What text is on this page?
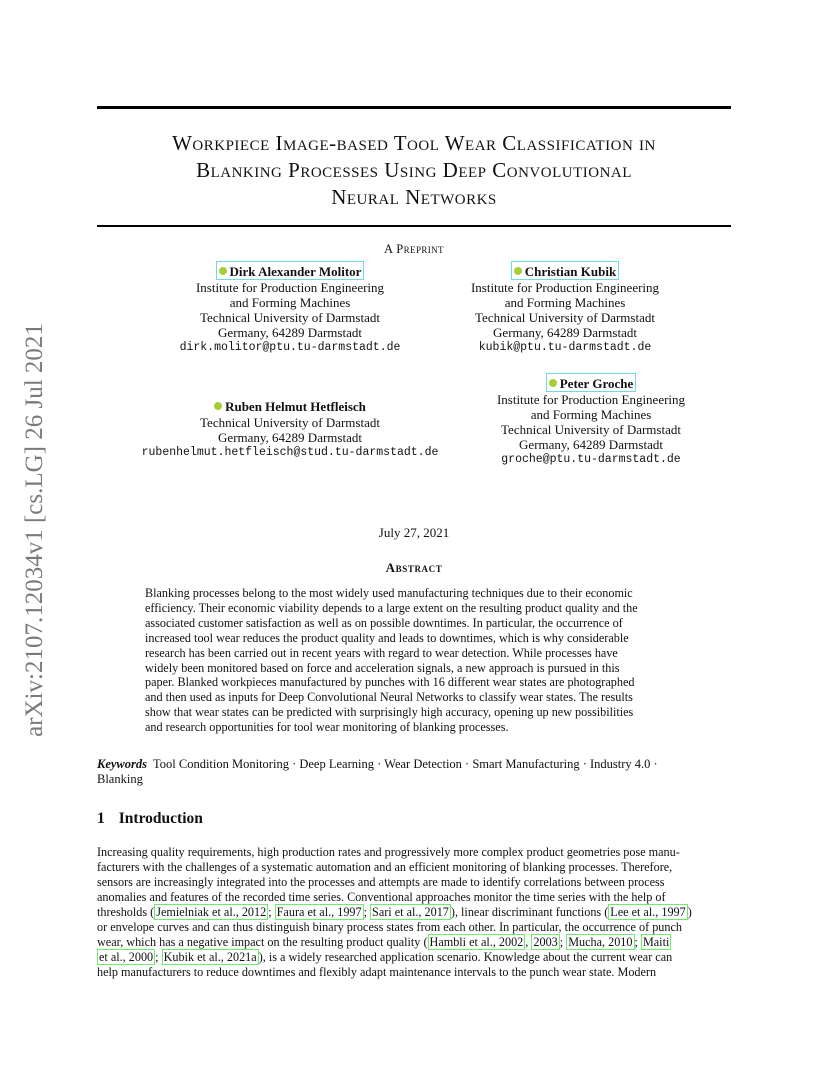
arXiv:2107.12034v1 [cs.LG] 26 Jul 2021
Workpiece Image-based Tool Wear Classification in
Blanking Processes Using Deep Convolutional
Neural Networks
A Preprint
Dirk Alexander Molitor
Institute for Production Engineering
and Forming Machines
Technical University of Darmstadt
Germany, 64289 Darmstadt
dirk.molitor@ptu.tu-darmstadt.de
Christian Kubik
Institute for Production Engineering
and Forming Machines
Technical University of Darmstadt
Germany, 64289 Darmstadt
kubik@ptu.tu-darmstadt.de
Ruben Helmut Hetfleisch
Technical University of Darmstadt
Germany, 64289 Darmstadt
rubenhelmut.hetfleisch@stud.tu-darmstadt.de
Peter Groche
Institute for Production Engineering
and Forming Machines
Technical University of Darmstadt
Germany, 64289 Darmstadt
groche@ptu.tu-darmstadt.de
July 27, 2021
Abstract
Blanking processes belong to the most widely used manufacturing techniques due to their economic
efficiency. Their economic viability depends to a large extent on the resulting product quality and the
associated customer satisfaction as well as on possible downtimes. In particular, the occurrence of
increased tool wear reduces the product quality and leads to downtimes, which is why considerable
research has been carried out in recent years with regard to wear detection. While processes have
widely been monitored based on force and acceleration signals, a new approach is pursued in this
paper. Blanked workpieces manufactured by punches with 16 different wear states are photographed
and then used as inputs for Deep Convolutional Neural Networks to classify wear states. The results
show that wear states can be predicted with surprisingly high accuracy, opening up new possibilities
and research opportunities for tool wear monitoring of blanking processes.
Keywords Tool Condition Monitoring · Deep Learning · Wear Detection · Smart Manufacturing · Industry 4.0 ·
Blanking
1 Introduction
Increasing quality requirements, high production rates and progressively more complex product geometries pose manu-
facturers with the challenges of a systematic automation and an efficient monitoring of blanking processes. Therefore,
sensors are increasingly integrated into the processes and attempts are made to identify correlations between process
anomalies and features of the recorded time series. Conventional approaches monitor the time series with the help of
thresholds ( Jemielniak et al., 2012 ; Faura et al., 1997 ; Sari et al., 2017 ), linear discriminant functions ( Lee et al., 1997 )
or envelope curves and can thus distinguish binary process states from each other. In particular, the occurrence of punch
wear, which has a negative impact on the resulting product quality ( Hambli et al., 2002 , 2003 ; Mucha, 2010 ; Maiti
et al., 2000 ; Kubik et al., 2021a ), is a widely researched application scenario. Knowledge about the current wear can
help manufacturers to reduce downtimes and flexibly adapt maintenance intervals to the punch wear state. Modern
